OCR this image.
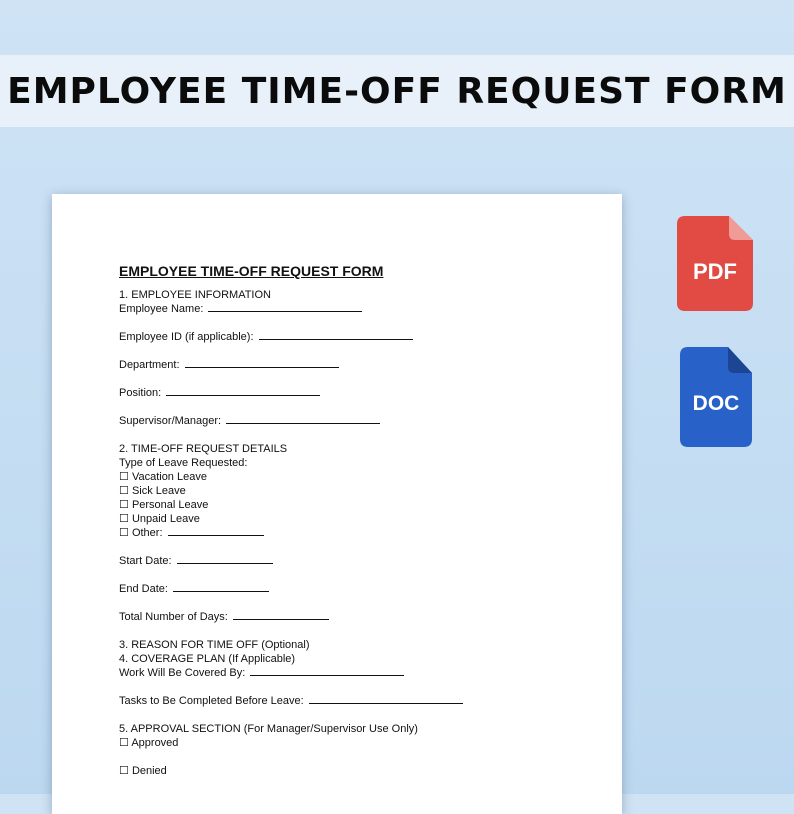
EMPLOYEE TIME-OFF REQUEST FORM
EMPLOYEE TIME-OFF REQUEST FORM
1. EMPLOYEE INFORMATION
Employee Name:
Employee ID (if applicable):
Department:
Position:
Supervisor/Manager:
2. TIME-OFF REQUEST DETAILS
Type of Leave Requested:
☐ Vacation Leave
☐ Sick Leave
☐ Personal Leave
☐ Unpaid Leave
☐ Other:
Start Date:
End Date:
Total Number of Days:
3. REASON FOR TIME OFF (Optional)
4. COVERAGE PLAN (If Applicable)
Work Will Be Covered By:
Tasks to Be Completed Before Leave:
5. APPROVAL SECTION (For Manager/Supervisor Use Only)
☐ Approved
☐ Denied
PDF
DOC
